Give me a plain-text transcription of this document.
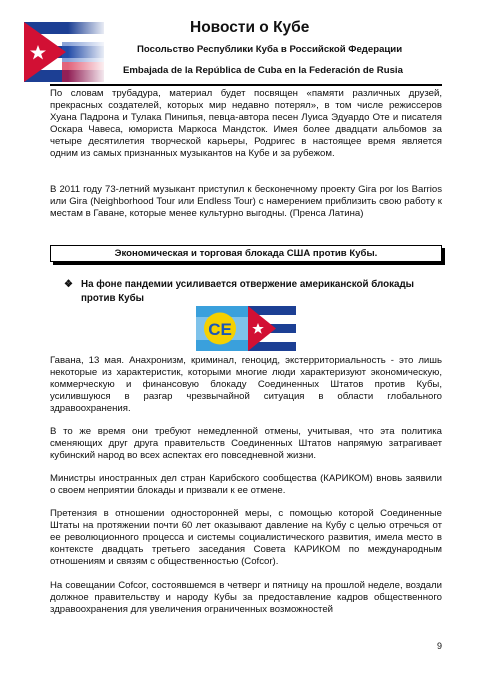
Новости о Кубе
Посольство Республики Куба в Российской Федерации
Embajada de la República de Cuba en la Federación de Rusia

По словам трубадура, материал будет посвящен «памяти различных друзей, прекрасных создателей, которых мир недавно потерял», в том числе режиссеров Хуана Падрона и Тулака Пинипья, певца-автора песен Луиса Эдуардо Оте и писателя Оскара Чавеса, юмориста Маркоса Мандсток. Имея более двадцати альбомов за четыре десятилетия творческой карьеры, Родригес в настоящее время является одним из самых признанных музыкантов на Кубе и за рубежом.

В 2011 году 73-летний музыкант приступил к бесконечному проекту Gira por los Barrios или Gira (Neighborhood Tour или Endless Tour) с намерением приблизить свою работу к местам в Гаване, которые менее культурно выгодны. (Пренса Латина)

Экономическая и торговая блокада США против Кубы.
❖ На фоне пандемии усиливается отвержение американской блокады против Кубы
CE

Гавана, 13 мая. Анахронизм, криминал, геноцид, экстерриториальность - это лишь некоторые из характеристик, которыми многие люди характеризуют экономическую, коммерческую и финансовую блокаду Соединенных Штатов против Кубы, усилившуюся в разгар чрезвычайной ситуация в области глобального здравоохранения.

В то же время они требуют немедленной отмены, учитывая, что эта политика сменяющих друг друга правительств Соединенных Штатов напрямую затрагивает кубинский народ во всех аспектах его повседневной жизни.

Министры иностранных дел стран Карибского сообщества (КАРИКОМ) вновь заявили о своем неприятии блокады и призвали к ее отмене.

Претензия в отношении односторонней меры, с помощью которой Соединенные Штаты на протяжении почти 60 лет оказывают давление на Кубу с целью отречься от ее революционного процесса и системы социалистического развития, имела место в контексте двадцать третьего заседания Совета КАРИКОМ по международным отношениям и связям с общественностью (Cofcor).

На совещании Cofcor, состоявшемся в четверг и пятницу на прошлой неделе, воздали должное правительству и народу Кубы за предоставление кадров общественного здравоохранения для увеличения ограниченных возможностей

9
